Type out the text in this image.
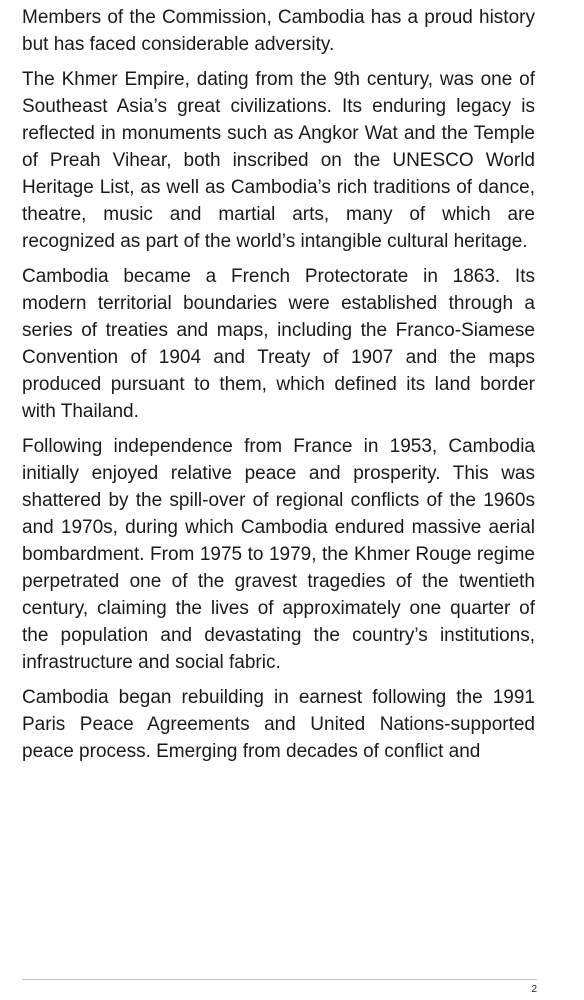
Members of the Commission, Cambodia has a proud history but has faced considerable adversity.

The Khmer Empire, dating from the 9th century, was one of Southeast Asia’s great civilizations. Its enduring legacy is reflected in monuments such as Angkor Wat and the Temple of Preah Vihear, both inscribed on the UNESCO World Heritage List, as well as Cambodia’s rich traditions of dance, theatre, music and martial arts, many of which are recognized as part of the world’s intangible cultural heritage.

Cambodia became a French Protectorate in 1863. Its modern territorial boundaries were established through a series of treaties and maps, including the Franco-Siamese Convention of 1904 and Treaty of 1907 and the maps produced pursuant to them, which defined its land border with Thailand.

Following independence from France in 1953, Cambodia initially enjoyed relative peace and prosperity. This was shattered by the spill-over of regional conflicts of the 1960s and 1970s, during which Cambodia endured massive aerial bombardment. From 1975 to 1979, the Khmer Rouge regime perpetrated one of the gravest tragedies of the twentieth century, claiming the lives of approximately one quarter of the population and devastating the country’s institutions, infrastructure and social fabric.

Cambodia began rebuilding in earnest following the 1991 Paris Peace Agreements and United Nations-supported peace process. Emerging from decades of conflict and

2
